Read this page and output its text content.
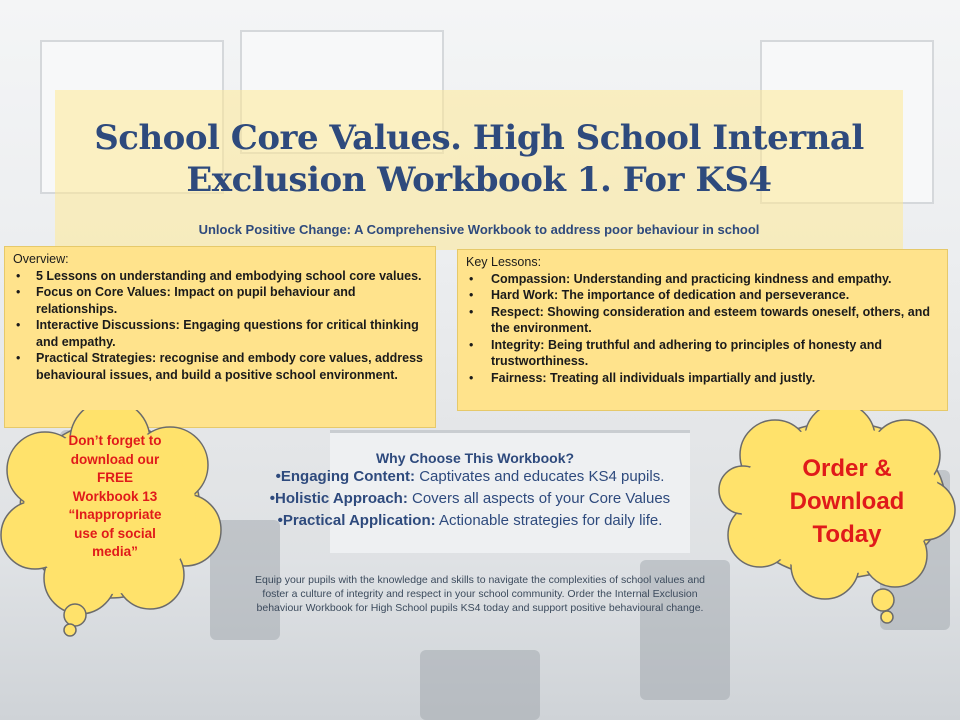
School Core Values. High School Internal Exclusion Workbook 1. For KS4
Unlock Positive Change: A Comprehensive Workbook to address poor behaviour in school
Overview:
• 5 Lessons on understanding and embodying school core values.
• Focus on Core Values: Impact on pupil behaviour and relationships.
• Interactive Discussions: Engaging questions for critical thinking and empathy.
• Practical Strategies: recognise and embody core values, address behavioural issues, and build a positive school environment.
Key Lessons:
• Compassion: Understanding and practicing kindness and empathy.
• Hard Work: The importance of dedication and perseverance.
• Respect: Showing consideration and esteem towards oneself, others, and the environment.
• Integrity: Being truthful and adhering to principles of honesty and trustworthiness.
• Fairness: Treating all individuals impartially and justly.
Why Choose This Workbook?
•Engaging Content: Captivates and educates KS4 pupils.
•Holistic Approach: Covers all aspects of your Core Values
•Practical Application: Actionable strategies for daily life.
Equip your pupils with the knowledge and skills to navigate the complexities of school values and foster a culture of integrity and respect in your school community. Order the Internal Exclusion behaviour Workbook for High School pupils KS4 today and support positive behavioural change.
Don’t forget to
download our
FREE
Workbook 13
“Inappropriate
use of social
media”
Order &
Download
Today
